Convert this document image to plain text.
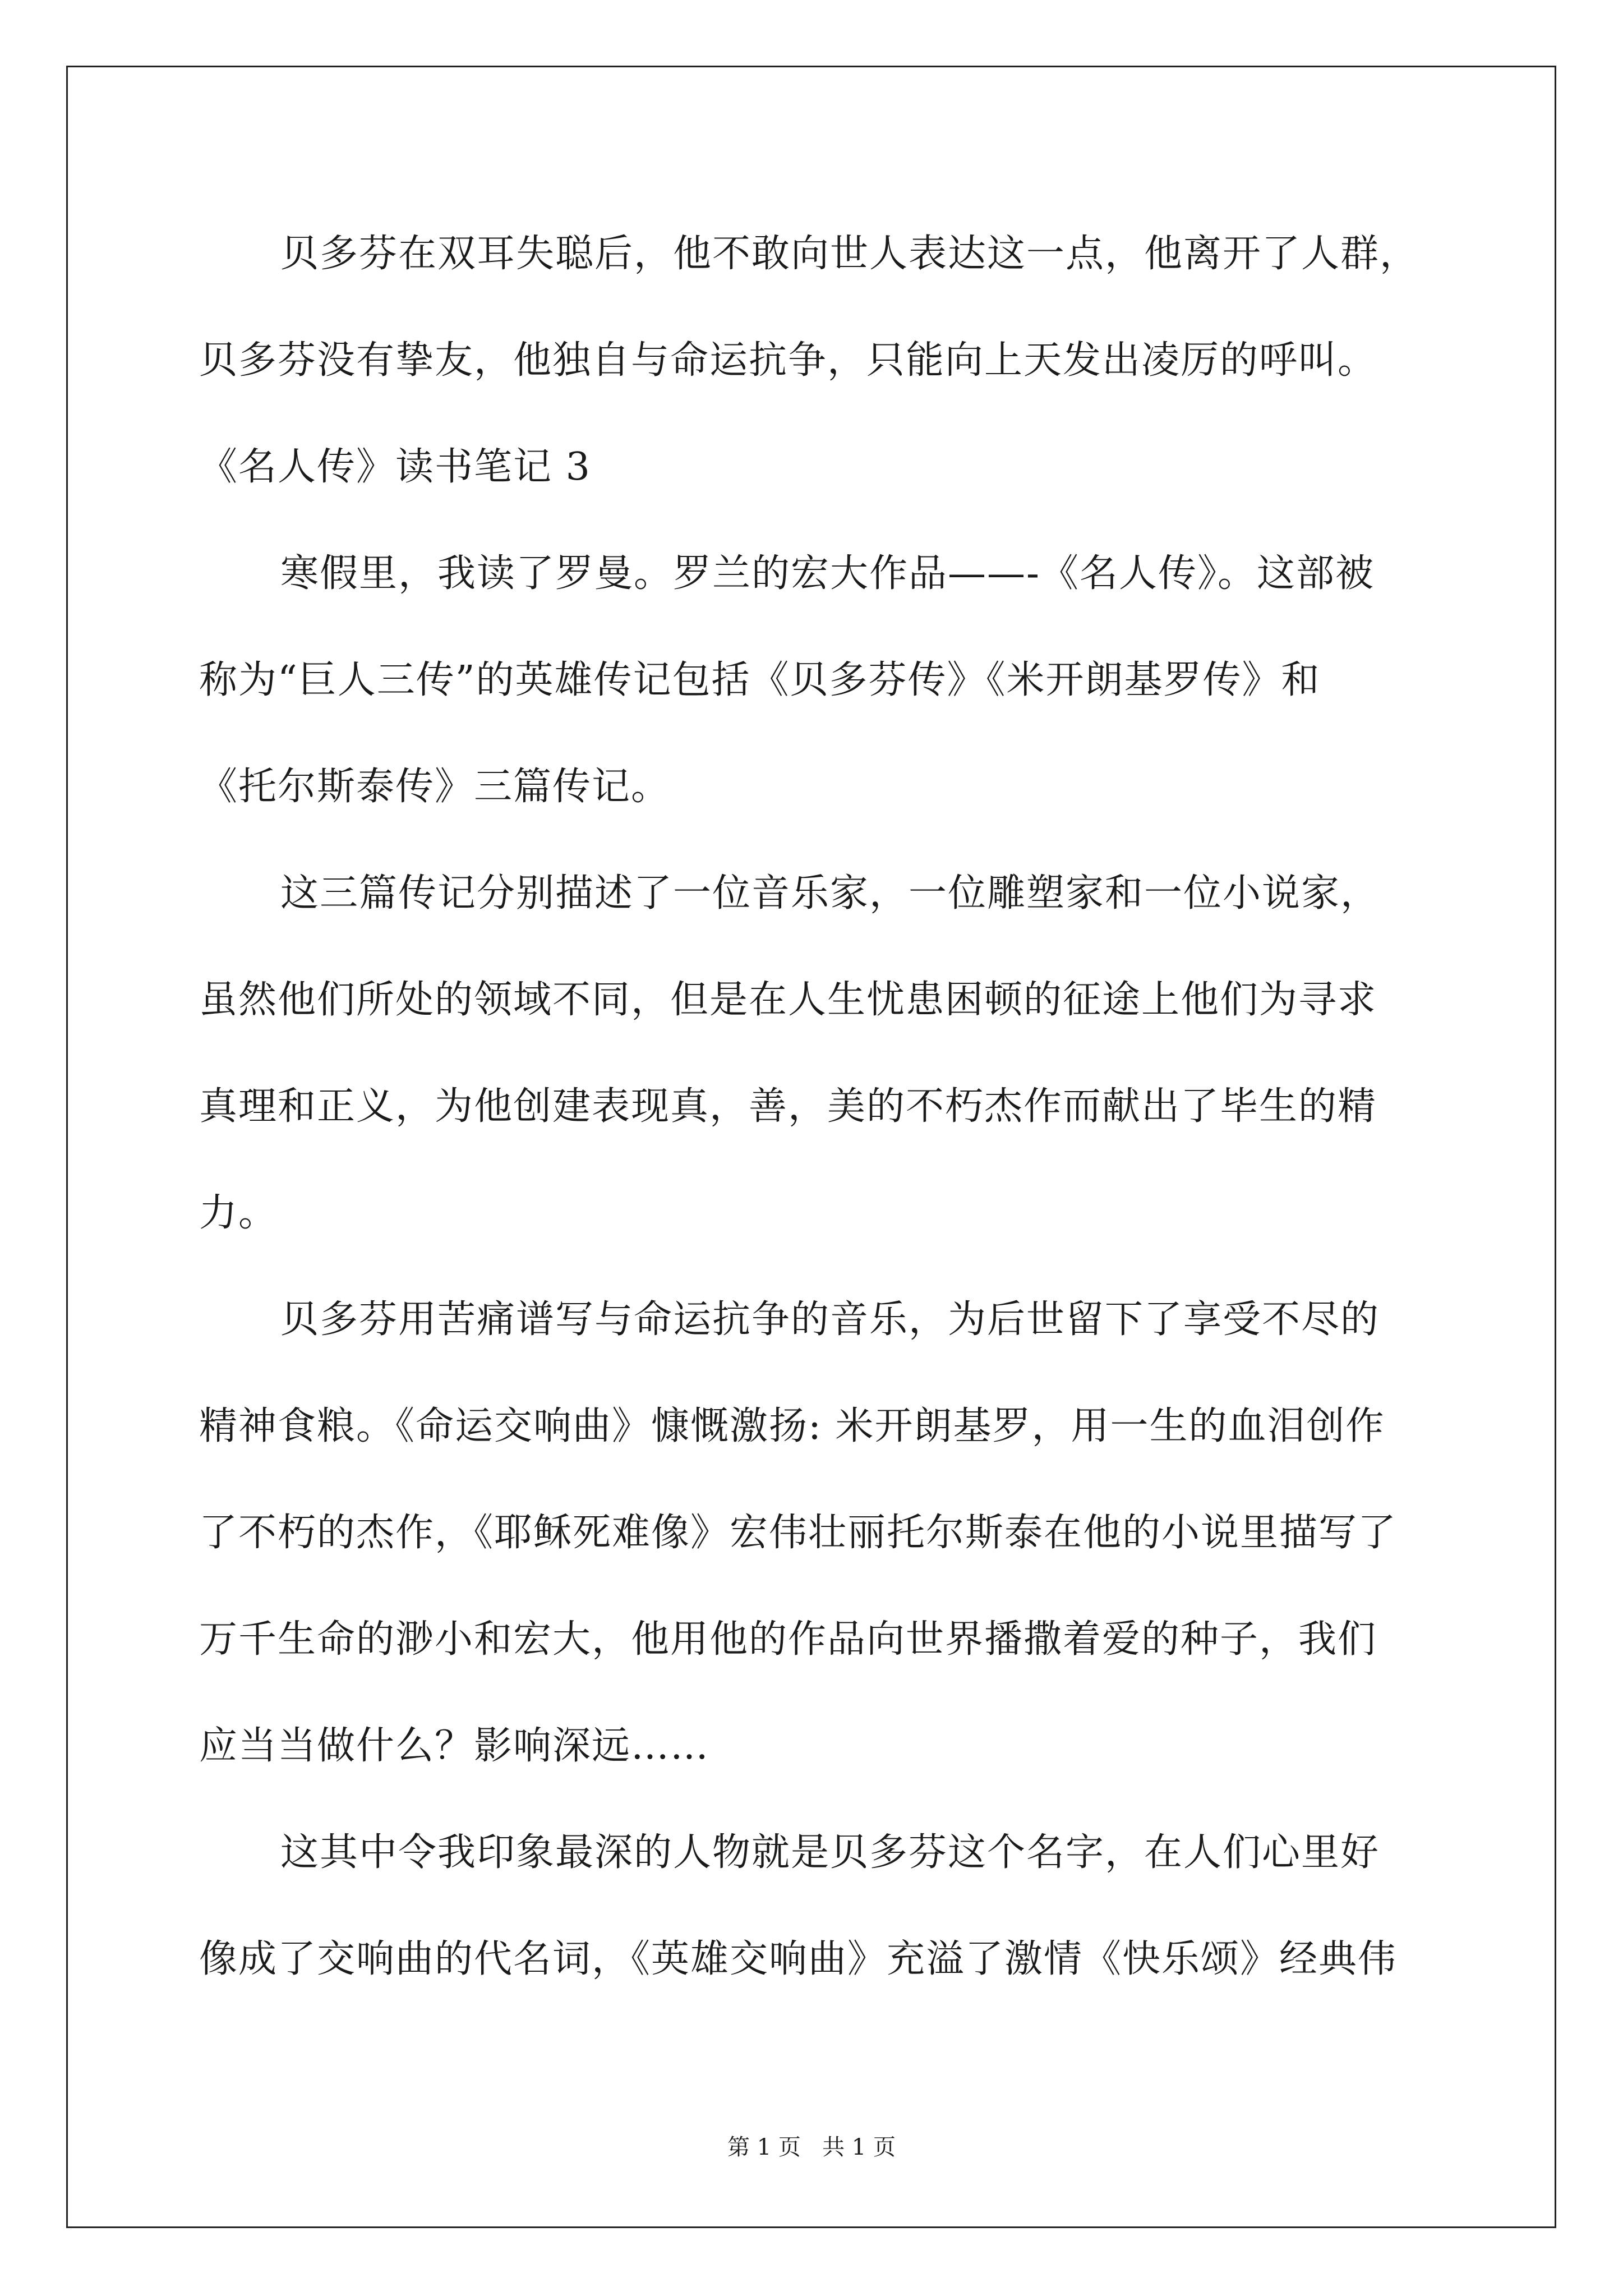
贝多芬在双耳失聪后，他不敢向世人表达这一点，他离开了人群，

贝多芬没有挚友，他独自与命运抗争，只能向上天发出凌厉的呼叫。

《名人传》读书笔记 3

寒假里，我读了罗曼。罗兰的宏大作品——-《名人传》。这部被

称为“巨人三传”的英雄传记包括《贝多芬传》《米开朗基罗传》和

《托尔斯泰传》三篇传记。

这三篇传记分别描述了一位音乐家，一位雕塑家和一位小说家，

虽然他们所处的领域不同，但是在人生忧患困顿的征途上他们为寻求

真理和正义，为他创建表现真，善，美的不朽杰作而献出了毕生的精

力。

贝多芬用苦痛谱写与命运抗争的音乐，为后世留下了享受不尽的

精神食粮。《命运交响曲》慷慨激扬: 米开朗基罗，用一生的血泪创作

了不朽的杰作，《耶稣死难像》宏伟壮丽托尔斯泰在他的小说里描写了

万千生命的渺小和宏大，他用他的作品向世界播撒着爱的种子，我们

应当当做什么？影响深远……

这其中令我印象最深的人物就是贝多芬这个名字，在人们心里好

像成了交响曲的代名词，《英雄交响曲》充溢了激情《快乐颂》经典伟

第 1 页   共 1 页
